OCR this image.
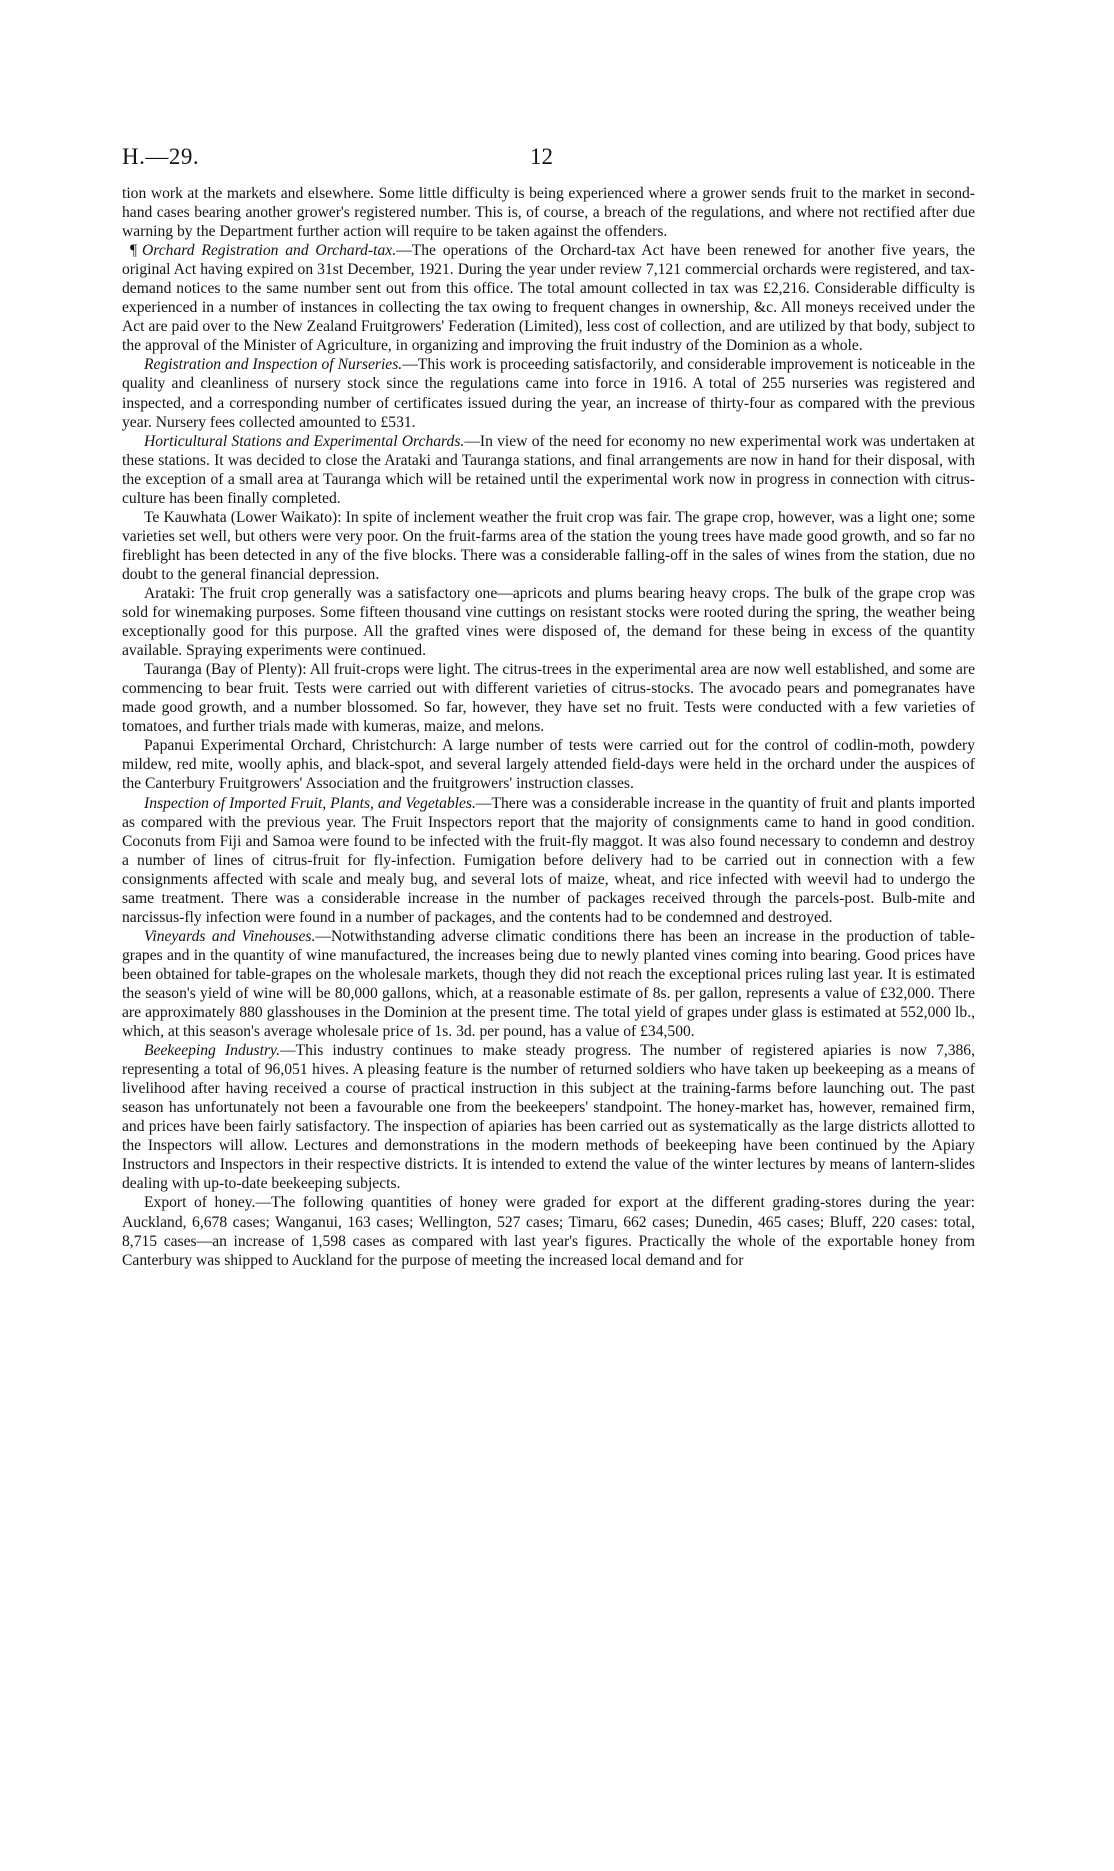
H.—29.	12

tion work at the markets and elsewhere. Some little difficulty is being experienced where a grower sends fruit to the market in second-hand cases bearing another grower's registered number. This is, of course, a breach of the regulations, and where not rectified after due warning by the Department further action will require to be taken against the offenders.

¶ Orchard Registration and Orchard-tax.—The operations of the Orchard-tax Act have been renewed for another five years, the original Act having expired on 31st December, 1921. During the year under review 7,121 commercial orchards were registered, and tax-demand notices to the same number sent out from this office. The total amount collected in tax was £2,216. Considerable difficulty is experienced in a number of instances in collecting the tax owing to frequent changes in ownership, &c. All moneys received under the Act are paid over to the New Zealand Fruitgrowers' Federation (Limited), less cost of collection, and are utilized by that body, subject to the approval of the Minister of Agriculture, in organizing and improving the fruit industry of the Dominion as a whole.

Registration and Inspection of Nurseries.—This work is proceeding satisfactorily, and considerable improvement is noticeable in the quality and cleanliness of nursery stock since the regulations came into force in 1916. A total of 255 nurseries was registered and inspected, and a corresponding number of certificates issued during the year, an increase of thirty-four as compared with the previous year. Nursery fees collected amounted to £531.

Horticultural Stations and Experimental Orchards.—In view of the need for economy no new experimental work was undertaken at these stations. It was decided to close the Arataki and Tauranga stations, and final arrangements are now in hand for their disposal, with the exception of a small area at Tauranga which will be retained until the experimental work now in progress in connection with citrus-culture has been finally completed.

Te Kauwhata (Lower Waikato): In spite of inclement weather the fruit crop was fair. The grape crop, however, was a light one; some varieties set well, but others were very poor. On the fruit-farms area of the station the young trees have made good growth, and so far no fireblight has been detected in any of the five blocks. There was a considerable falling-off in the sales of wines from the station, due no doubt to the general financial depression.

Arataki: The fruit crop generally was a satisfactory one—apricots and plums bearing heavy crops. The bulk of the grape crop was sold for winemaking purposes. Some fifteen thousand vine cuttings on resistant stocks were rooted during the spring, the weather being exceptionally good for this purpose. All the grafted vines were disposed of, the demand for these being in excess of the quantity available. Spraying experiments were continued.

Tauranga (Bay of Plenty): All fruit-crops were light. The citrus-trees in the experimental area are now well established, and some are commencing to bear fruit. Tests were carried out with different varieties of citrus-stocks. The avocado pears and pomegranates have made good growth, and a number blossomed. So far, however, they have set no fruit. Tests were conducted with a few varieties of tomatoes, and further trials made with kumeras, maize, and melons.

Papanui Experimental Orchard, Christchurch: A large number of tests were carried out for the control of codlin-moth, powdery mildew, red mite, woolly aphis, and black-spot, and several largely attended field-days were held in the orchard under the auspices of the Canterbury Fruitgrowers' Association and the fruitgrowers' instruction classes.

Inspection of Imported Fruit, Plants, and Vegetables.—There was a considerable increase in the quantity of fruit and plants imported as compared with the previous year. The Fruit Inspectors report that the majority of consignments came to hand in good condition. Coconuts from Fiji and Samoa were found to be infected with the fruit-fly maggot. It was also found necessary to condemn and destroy a number of lines of citrus-fruit for fly-infection. Fumigation before delivery had to be carried out in connection with a few consignments affected with scale and mealy bug, and several lots of maize, wheat, and rice infected with weevil had to undergo the same treatment. There was a considerable increase in the number of packages received through the parcels-post. Bulb-mite and narcissus-fly infection were found in a number of packages, and the contents had to be condemned and destroyed.

Vineyards and Vinehouses.—Notwithstanding adverse climatic conditions there has been an increase in the production of table-grapes and in the quantity of wine manufactured, the increases being due to newly planted vines coming into bearing. Good prices have been obtained for table-grapes on the wholesale markets, though they did not reach the exceptional prices ruling last year. It is estimated the season's yield of wine will be 80,000 gallons, which, at a reasonable estimate of 8s. per gallon, represents a value of £32,000. There are approximately 880 glasshouses in the Dominion at the present time. The total yield of grapes under glass is estimated at 552,000 lb., which, at this season's average wholesale price of 1s. 3d. per pound, has a value of £34,500.

Beekeeping Industry.—This industry continues to make steady progress. The number of registered apiaries is now 7,386, representing a total of 96,051 hives. A pleasing feature is the number of returned soldiers who have taken up beekeeping as a means of livelihood after having received a course of practical instruction in this subject at the training-farms before launching out. The past season has unfortunately not been a favourable one from the beekeepers' standpoint. The honey-market has, however, remained firm, and prices have been fairly satisfactory. The inspection of apiaries has been carried out as systematically as the large districts allotted to the Inspectors will allow. Lectures and demonstrations in the modern methods of beekeeping have been continued by the Apiary Instructors and Inspectors in their respective districts. It is intended to extend the value of the winter lectures by means of lantern-slides dealing with up-to-date beekeeping subjects.

Export of honey.—The following quantities of honey were graded for export at the different grading-stores during the year: Auckland, 6,678 cases; Wanganui, 163 cases; Wellington, 527 cases; Timaru, 662 cases; Dunedin, 465 cases; Bluff, 220 cases: total, 8,715 cases—an increase of 1,598 cases as compared with last year's figures. Practically the whole of the exportable honey from Canterbury was shipped to Auckland for the purpose of meeting the increased local demand and for
